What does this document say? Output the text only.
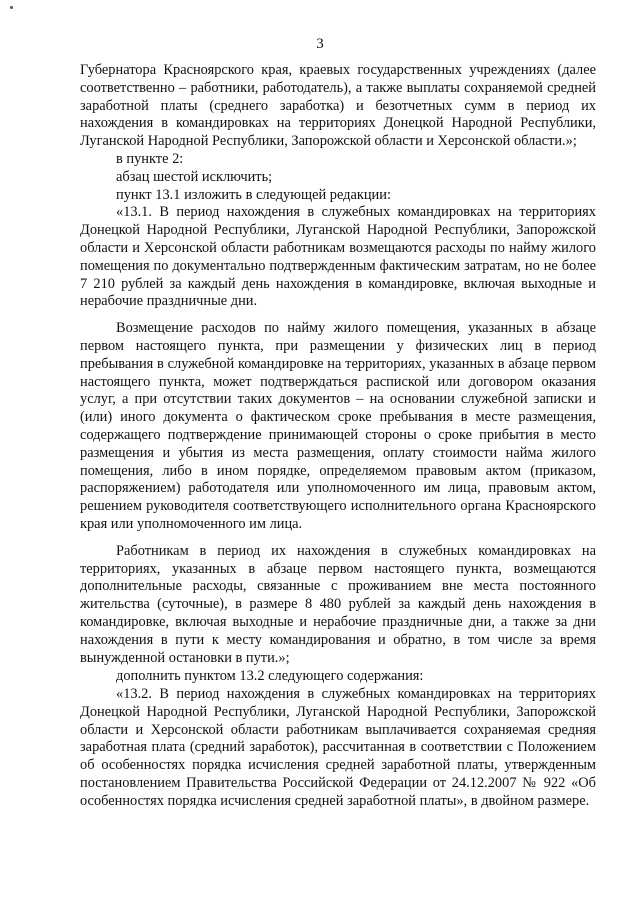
3

Губернатора Красноярского края, краевых государственных учреждениях (далее соответственно – работники, работодатель), а также выплаты сохраняемой средней заработной платы (среднего заработка) и безотчетных сумм в период их нахождения в командировках на территориях Донецкой Народной Республики, Луганской Народной Республики, Запорожской области и Херсонской области.»;

в пункте 2:

абзац шестой исключить;

пункт 13.1 изложить в следующей редакции:

«13.1. В период нахождения в служебных командировках на территориях Донецкой Народной Республики, Луганской Народной Республики, Запорожской области и Херсонской области работникам возмещаются расходы по найму жилого помещения по документально подтвержденным фактическим затратам, но не более 7 210 рублей за каждый день нахождения в командировке, включая выходные и нерабочие праздничные дни.

Возмещение расходов по найму жилого помещения, указанных в абзаце первом настоящего пункта, при размещении у физических лиц в период пребывания в служебной командировке на территориях, указанных в абзаце первом настоящего пункта, может подтверждаться распиской или договором оказания услуг, а при отсутствии таких документов – на основании служебной записки и (или) иного документа о фактическом сроке пребывания в месте размещения, содержащего подтверждение принимающей стороны о сроке прибытия в место размещения и убытия из места размещения, оплату стоимости найма жилого помещения, либо в ином порядке, определяемом правовым актом (приказом, распоряжением) работодателя или уполномоченного им лица, правовым актом, решением руководителя соответствующего исполнительного органа Красноярского края или уполномоченного им лица.

Работникам в период их нахождения в служебных командировках на территориях, указанных в абзаце первом настоящего пункта, возмещаются дополнительные расходы, связанные с проживанием вне места постоянного жительства (суточные), в размере 8 480 рублей за каждый день нахождения в командировке, включая выходные и нерабочие праздничные дни, а также за дни нахождения в пути к месту командирования и обратно, в том числе за время вынужденной остановки в пути.»;

дополнить пунктом 13.2 следующего содержания:

«13.2. В период нахождения в служебных командировках на территориях Донецкой Народной Республики, Луганской Народной Республики, Запорожской области и Херсонской области работникам выплачивается сохраняемая средняя заработная плата (средний заработок), рассчитанная в соответствии с Положением об особенностях порядка исчисления средней заработной платы, утвержденным постановлением Правительства Российской Федерации от 24.12.2007 № 922 «Об особенностях порядка исчисления средней заработной платы», в двойном размере.
